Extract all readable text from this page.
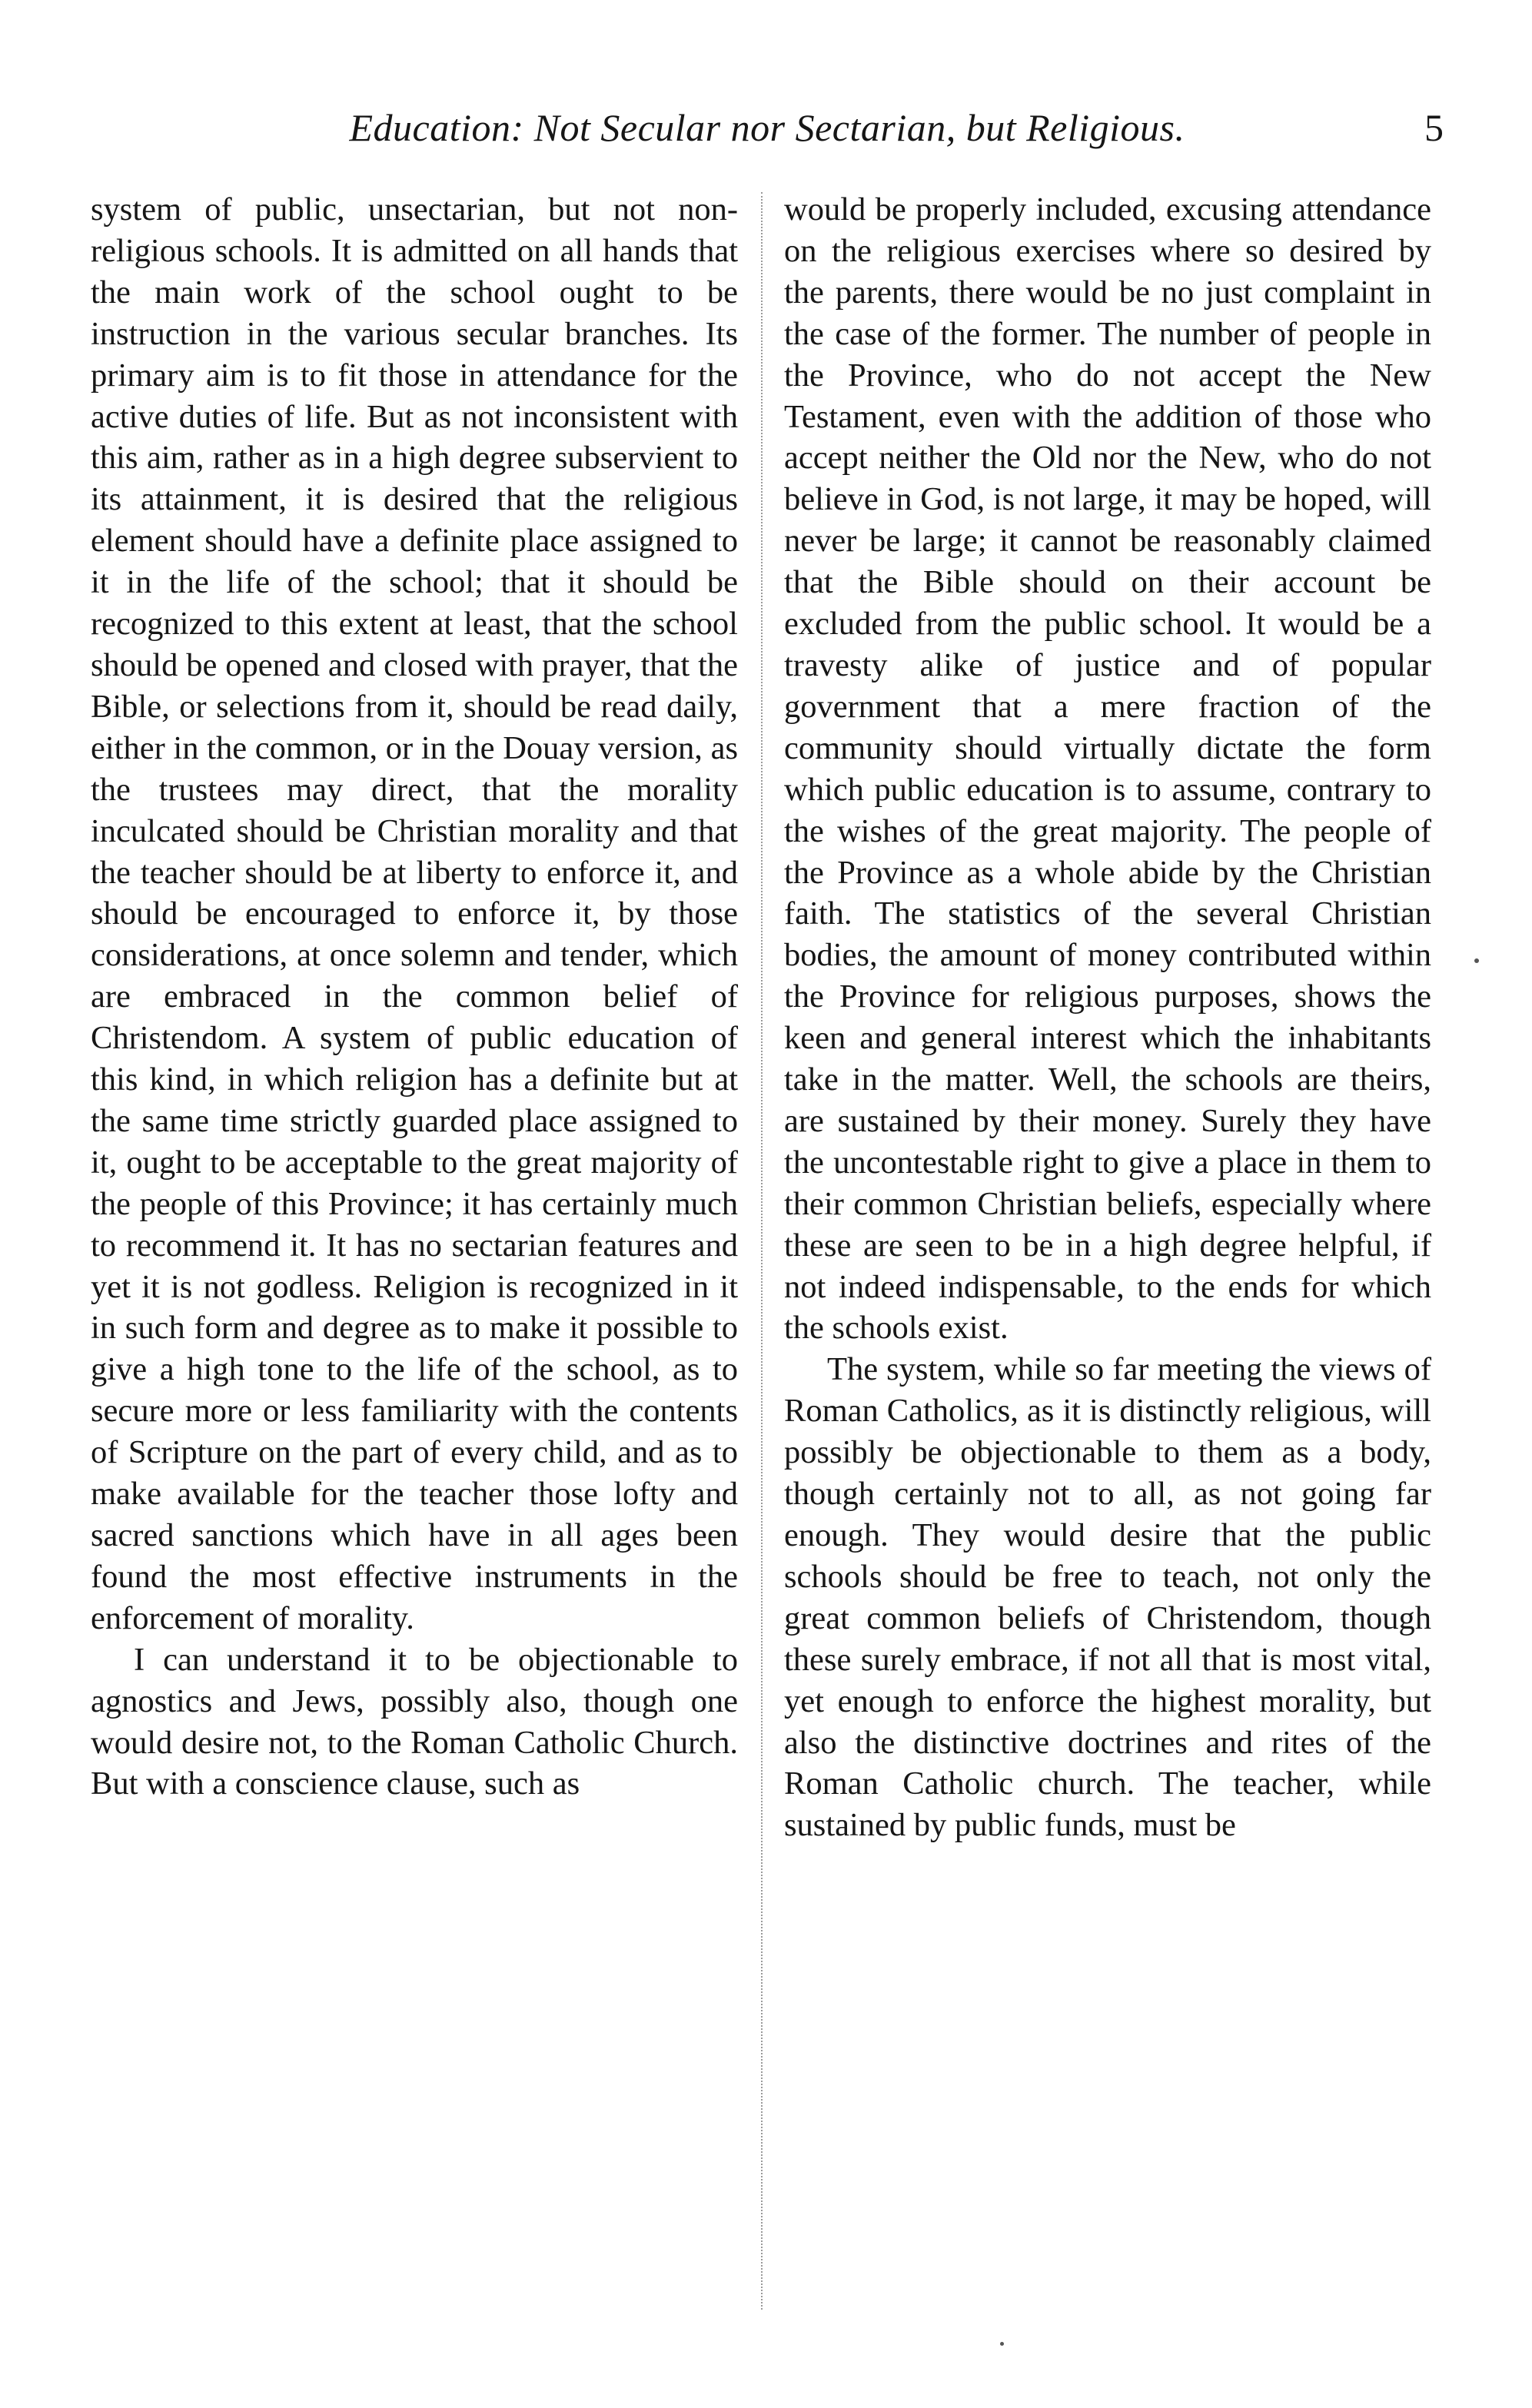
Education: Not Secular nor Sectarian, but Religious.	5

system of public, unsectarian, but not non-religious schools. It is admitted on all hands that the main work of the school ought to be instruction in the various secular branches. Its primary aim is to fit those in attendance for the active duties of life. But as not inconsistent with this aim, rather as in a high degree subservient to its attainment, it is desired that the religious element should have a definite place assigned to it in the life of the school; that it should be recognized to this extent at least, that the school should be opened and closed with prayer, that the Bible, or selections from it, should be read daily, either in the common, or in the Douay version, as the trustees may direct, that the morality inculcated should be Christian morality and that the teacher should be at liberty to enforce it, and should be encouraged to enforce it, by those considerations, at once solemn and tender, which are embraced in the common belief of Christendom. A system of public education of this kind, in which religion has a definite but at the same time strictly guarded place assigned to it, ought to be acceptable to the great majority of the people of this Province; it has certainly much to recommend it. It has no sectarian features and yet it is not godless. Religion is recognized in it in such form and degree as to make it possible to give a high tone to the life of the school, as to secure more or less familiarity with the contents of Scripture on the part of every child, and as to make available for the teacher those lofty and sacred sanctions which have in all ages been found the most effective instruments in the enforcement of morality.

I can understand it to be objectionable to agnostics and Jews, possibly also, though one would desire not, to the Roman Catholic Church. But with a conscience clause, such as

would be properly included, excusing attendance on the religious exercises where so desired by the parents, there would be no just complaint in the case of the former. The number of people in the Province, who do not accept the New Testament, even with the addition of those who accept neither the Old nor the New, who do not believe in God, is not large, it may be hoped, will never be large; it cannot be reasonably claimed that the Bible should on their account be excluded from the public school. It would be a travesty alike of justice and of popular government that a mere fraction of the community should virtually dictate the form which public education is to assume, contrary to the wishes of the great majority. The people of the Province as a whole abide by the Christian faith. The statistics of the several Christian bodies, the amount of money contributed within the Province for religious purposes, shows the keen and general interest which the inhabitants take in the matter. Well, the schools are theirs, are sustained by their money. Surely they have the uncontestable right to give a place in them to their common Christian beliefs, especially where these are seen to be in a high degree helpful, if not indeed indispensable, to the ends for which the schools exist.

The system, while so far meeting the views of Roman Catholics, as it is distinctly religious, will possibly be objectionable to them as a body, though certainly not to all, as not going far enough. They would desire that the public schools should be free to teach, not only the great common beliefs of Christendom, though these surely embrace, if not all that is most vital, yet enough to enforce the highest morality, but also the distinctive doctrines and rites of the Roman Catholic church. The teacher, while sustained by public funds, must be
